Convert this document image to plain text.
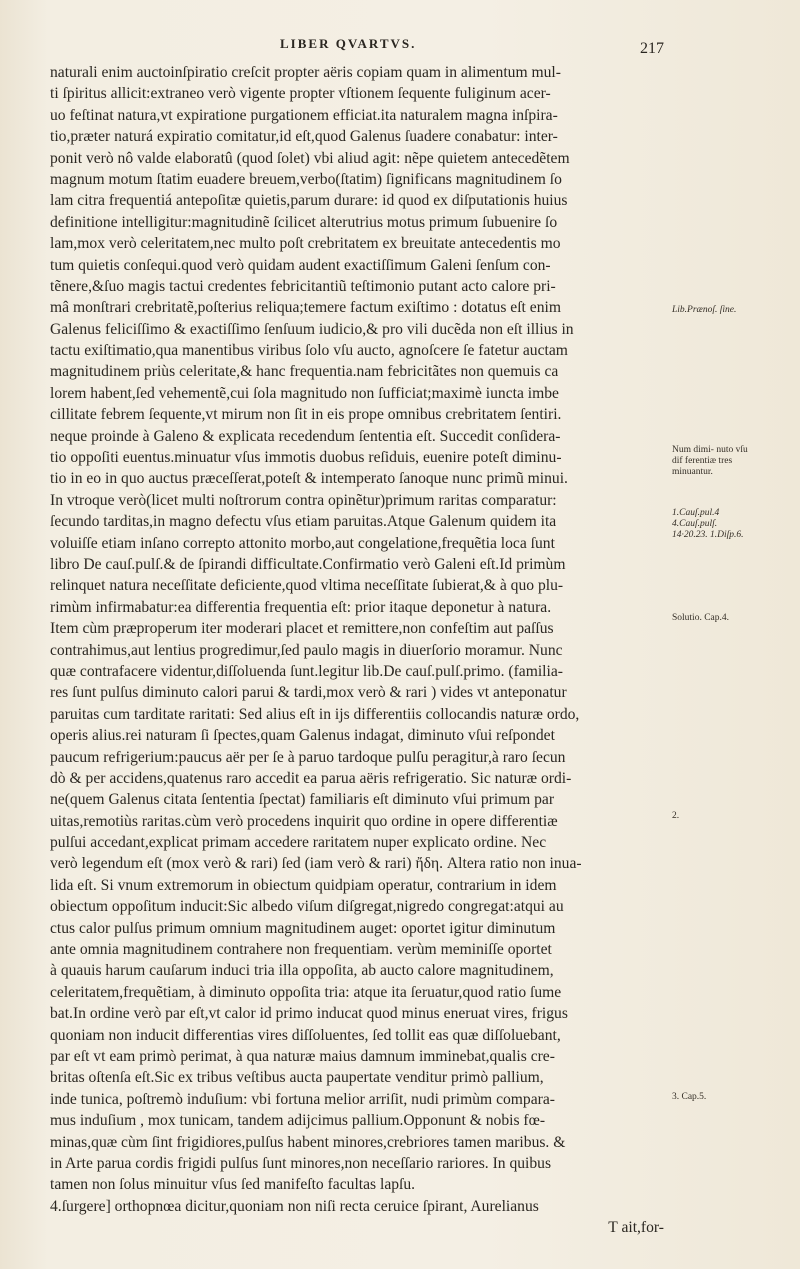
LIBER QVARTVS.	217
naturali enim auctoinſpiratio creſcit propter aëris copiam quam in alimentum mul-
ti ſpiritus allicit:extraneo verò vigente propter vſtionem ſequente fuliginum acer-
uo feſtinat natura,vt expiratione purgationem efficiat.ita naturalem magna inſpira-
tio,præter naturá expiratio comitatur,id eſt,quod Galenus ſuadere conabatur: inter-
ponit verò nô valde elaboratû (quod ſolet) vbi aliud agit: nẽpe quietem antecedẽtem
magnum motum ſtatim euadere breuem,verbo(ſtatim) ſignificans magnitudinem ſo
lam citra frequentiá antepoſitæ quietis,parum durare: id quod ex diſputationis huius
definitione intelligitur:magnitudinẽ ſcilicet alterutrius motus primum ſubuenire ſo
lam,mox verò celeritatem,nec multo poſt crebritatem ex breuitate antecedentis mo
tum quietis conſequi.quod verò quidam audent exactiſſimum Galeni ſenſum con-
tẽnere,&ſuo magis tactui credentes febricitantiũ teſtimonio putant acto calore pri-
mâ monſtrari crebritatẽ,poſterius reliqua;temere factum exiſtimo : dotatus eſt enim
Galenus feliciſſimo & exactiſſimo ſenſuum iudicio,& pro vili ducẽda non eſt illius in
tactu exiſtimatio,qua manentibus viribus ſolo vſu aucto, agnoſcere ſe fatetur auctam
magnitudinem priùs celeritate,& hanc frequentia.nam febricitãtes non quemuis ca
lorem habent,ſed vehementẽ,cui ſola magnitudo non ſufficiat;maximè iuncta imbe
cillitate febrem ſequente,vt mirum non ſit in eis prope omnibus crebritatem ſentiri.
neque proinde à Galeno & explicata recedendum ſententia eſt. Succedit conſidera-
tio oppoſiti euentus.minuatur vſus immotis duobus reſiduis, euenire poteſt diminu-
tio in eo in quo auctus præceſſerat,poteſt & intemperato ſanoque nunc primũ minui.
In vtroque verò(licet multi noſtrorum contra opinẽtur)primum raritas comparatur:
ſecundo tarditas,in magno defectu vſus etiam paruitas.Atque Galenum quidem ita
voluiſſe etiam inſano correpto attonito morbo,aut congelatione,frequẽtia loca ſunt
libro De cauſ.pulſ.& de ſpirandi difficultate.Confirmatio verò Galeni eſt.Id primùm
relinquet natura neceſſitate deficiente,quod vltima neceſſitate ſubierat,& à quo plu-
rimùm infirmabatur:ea differentia frequentia eſt: prior itaque deponetur à natura.
Item cùm præproperum iter moderari placet et remittere,non confeſtim aut paſſus
contrahimus,aut lentius progredimur,ſed paulo magis in diuerſorio moramur. Nunc
quæ contrafacere videntur,diſſoluenda ſunt.legitur lib.De cauſ.pulſ.primo. (familia-
res ſunt pulſus diminuto calori parui & tardi,mox verò & rari ) vides vt anteponatur
paruitas cum tarditate raritati: Sed alius eſt in ijs differentiis collocandis naturæ ordo,
operis alius.rei naturam ſi ſpectes,quam Galenus indagat, diminuto vſui reſpondet
paucum refrigerium:paucus aër per ſe à paruo tardoque pulſu peragitur,à raro ſecun
dò & per accidens,quatenus raro accedit ea parua aëris refrigeratio. Sic naturæ ordi-
ne(quem Galenus citata ſententia ſpectat) familiaris eſt diminuto vſui primum par
uitas,remotiùs raritas.cùm verò procedens inquirit quo ordine in opere differentiæ
pulſui accedant,explicat primam accedere raritatem nuper explicato ordine. Nec
verò legendum eſt (mox verò & rari) ſed (iam verò & rari) ἤδη. Altera ratio non inua-
lida eſt. Si vnum extremorum in obiectum quidpiam operatur, contrarium in idem
obiectum oppoſitum inducit:Sic albedo viſum diſgregat,nigredo congregat:atqui au
ctus calor pulſus primum omnium magnitudinem auget: oportet igitur diminutum
ante omnia magnitudinem contrahere non frequentiam. verùm meminiſſe oportet
à quauis harum cauſarum induci tria illa oppoſita, ab aucto calore magnitudinem,
celeritatem,frequẽtiam, à diminuto oppoſita tria: atque ita ſeruatur,quod ratio ſume
bat.In ordine verò par eſt,vt calor id primo inducat quod minus eneruat vires, frigus
quoniam non inducit differentias vires diſſoluentes, ſed tollit eas quæ diſſoluebant,
par eſt vt eam primò perimat, à qua naturæ maius damnum imminebat,qualis cre-
britas oſtenſa eſt.Sic ex tribus veſtibus aucta paupertate venditur primò pallium,
inde tunica, poſtremò induſium: vbi fortuna melior arriſit, nudi primùm compara-
mus induſium , mox tunicam, tandem adijcimus pallium.Opponunt & nobis fœ-
minas,quæ cùm ſint frigidiores,pulſus habent minores,crebriores tamen maribus. &
in Arte parua cordis frigidi pulſus ſunt minores,non neceſſario rariores. In quibus
tamen non ſolus minuitur vſus ſed manifeſto facultas lapſu.
4.ſurgere] orthopnœa dicitur,quoniam non niſi recta ceruice ſpirant, Aurelianus
T ait,for-
Lib.Prænoſ. ſine.
Num dimi- nuto vſu dif ferentiæ tres minuantur.
1.Cauſ.pul.4 4.Cauſ.pulſ. 14·20.23. 1.Diſp.6.
Solutio. Cap.4.
2.
3. Cap.5.
